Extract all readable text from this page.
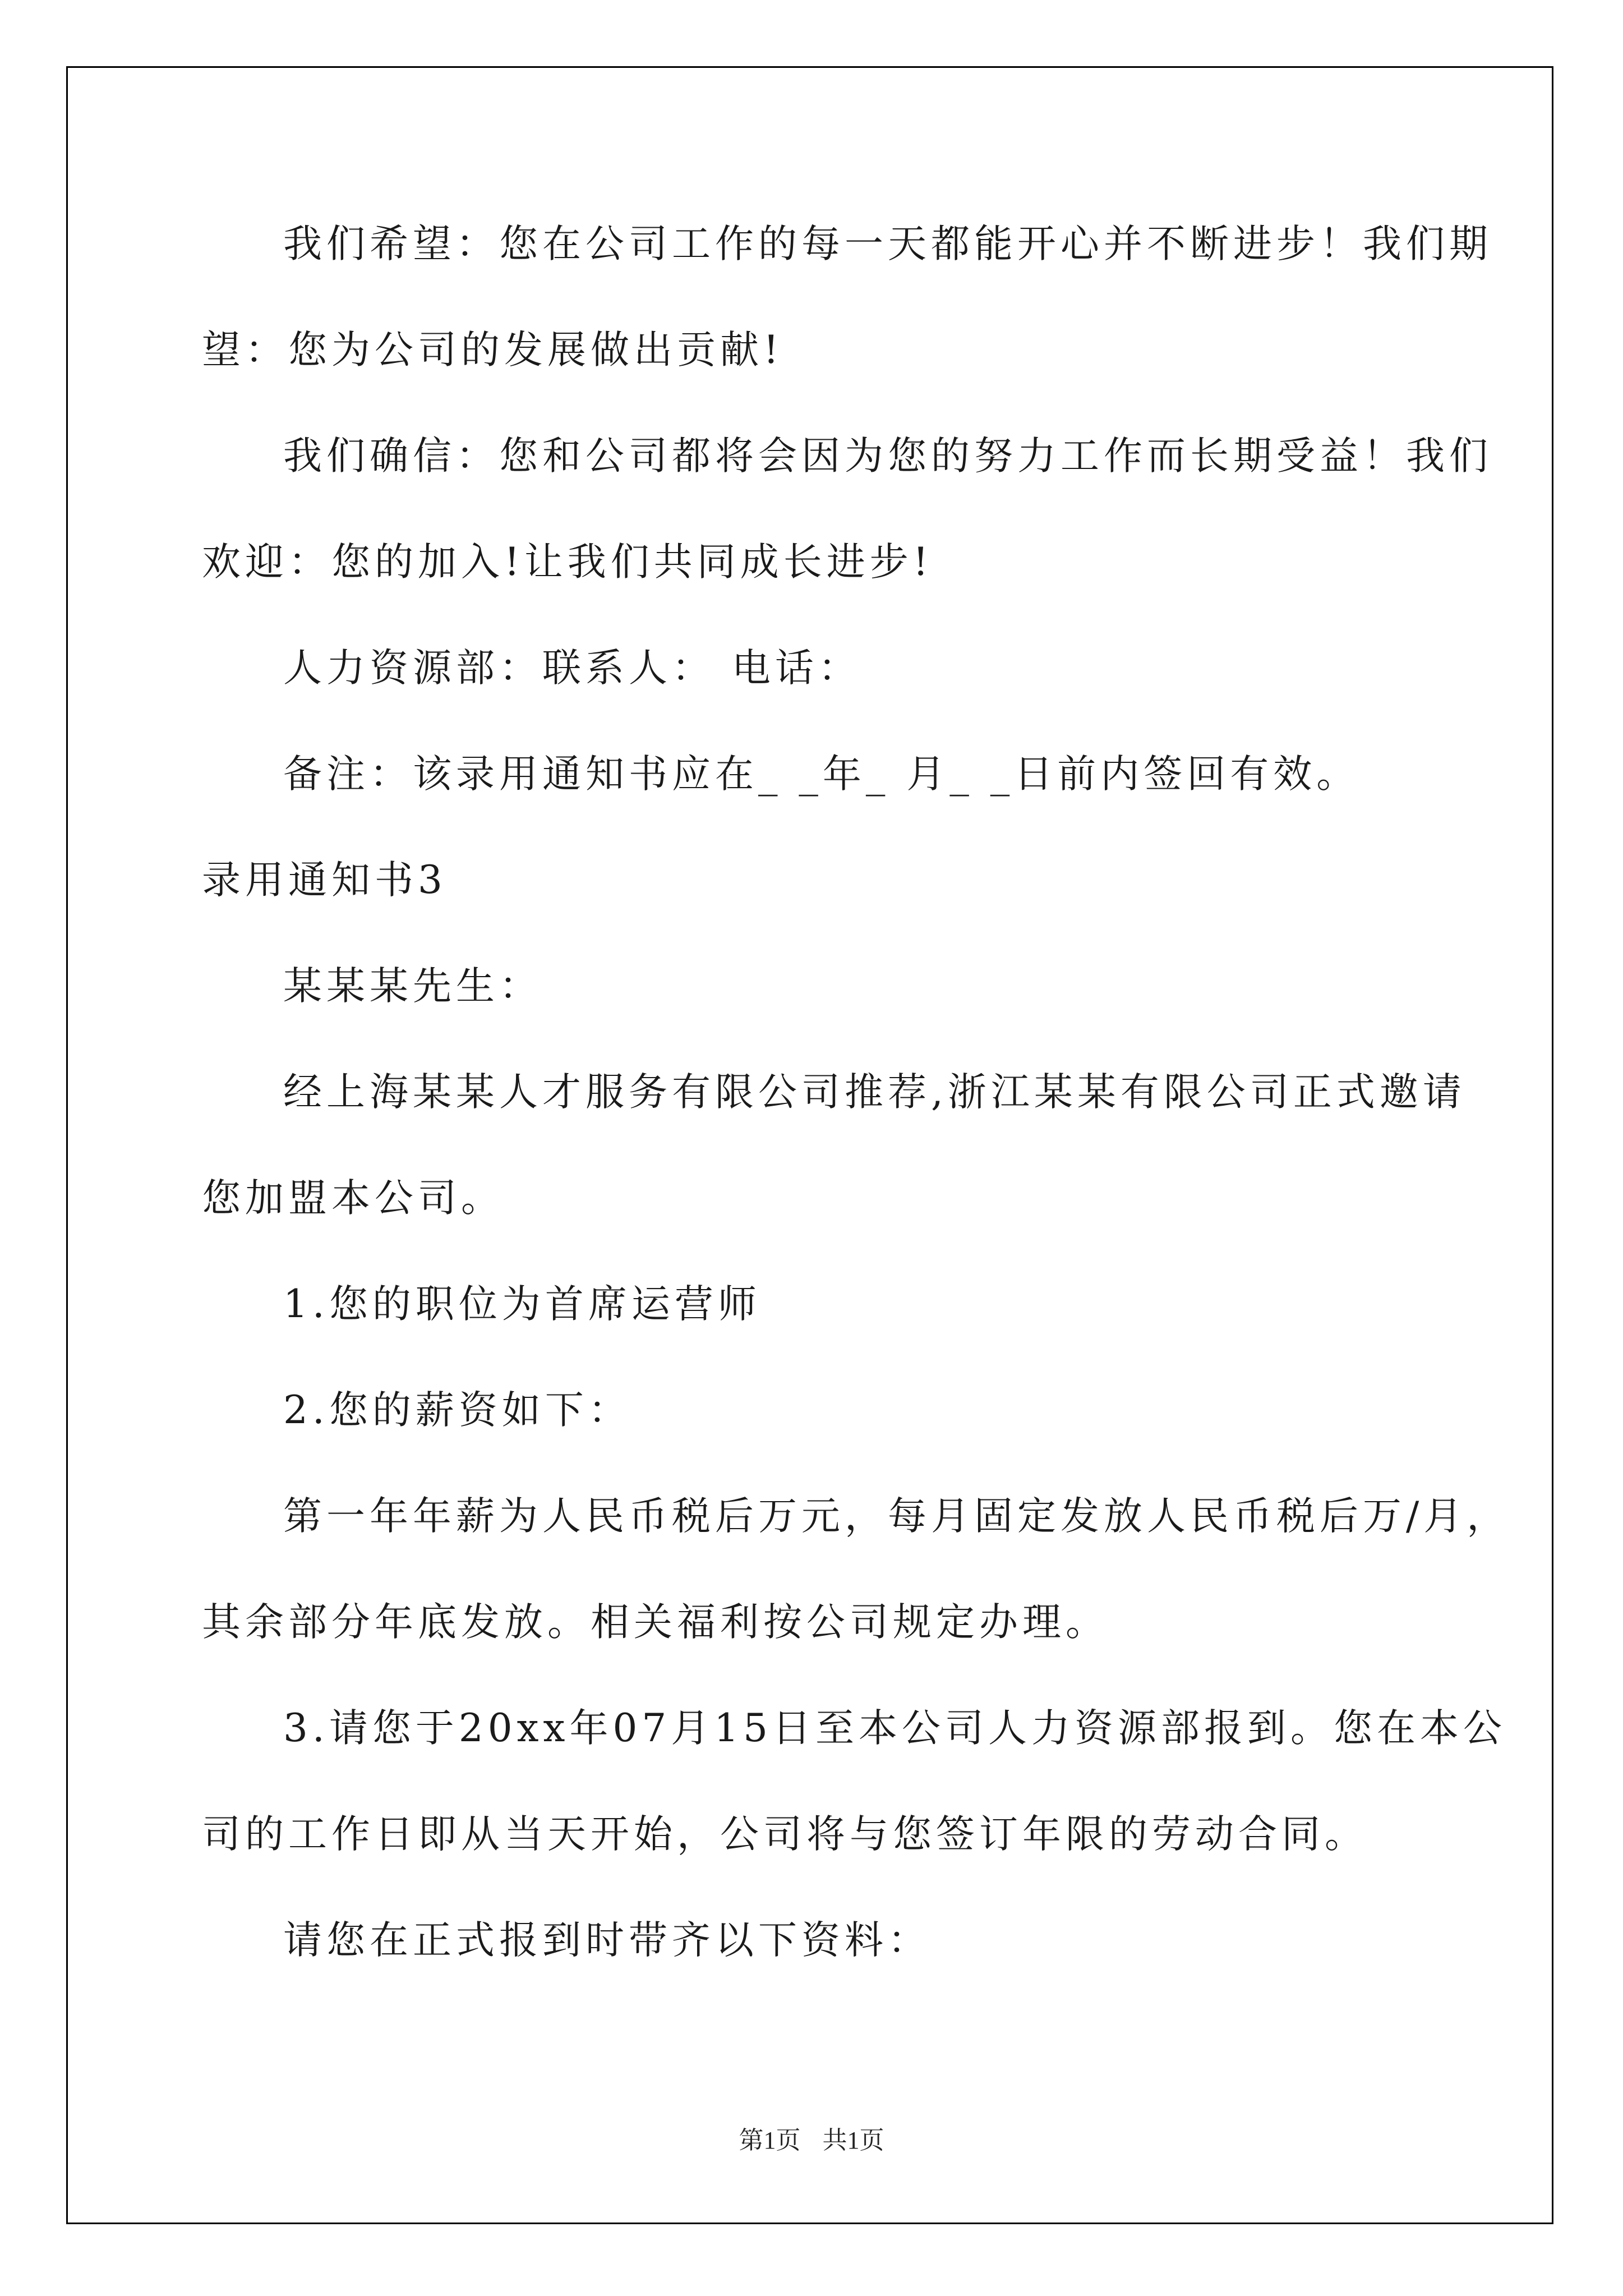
我们希望：您在公司工作的每一天都能开心并不断进步！我们期
望：您为公司的发展做出贡献!
我们确信：您和公司都将会因为您的努力工作而长期受益！我们
欢迎：您的加入!让我们共同成长进步!
人力资源部：联系人： 电话：
备注：该录用通知书应在_ _年_ 月_ _日前内签回有效。
录用通知书3
某某某先生：
经上海某某人才服务有限公司推荐,浙江某某有限公司正式邀请
您加盟本公司。
1.您的职位为首席运营师
2.您的薪资如下：
第一年年薪为人民币税后万元，每月固定发放人民币税后万/月，
其余部分年底发放。相关福利按公司规定办理。
3.请您于20xx年07月15日至本公司人力资源部报到。您在本公
司的工作日即从当天开始，公司将与您签订年限的劳动合同。
请您在正式报到时带齐以下资料：
第1页 共1页
